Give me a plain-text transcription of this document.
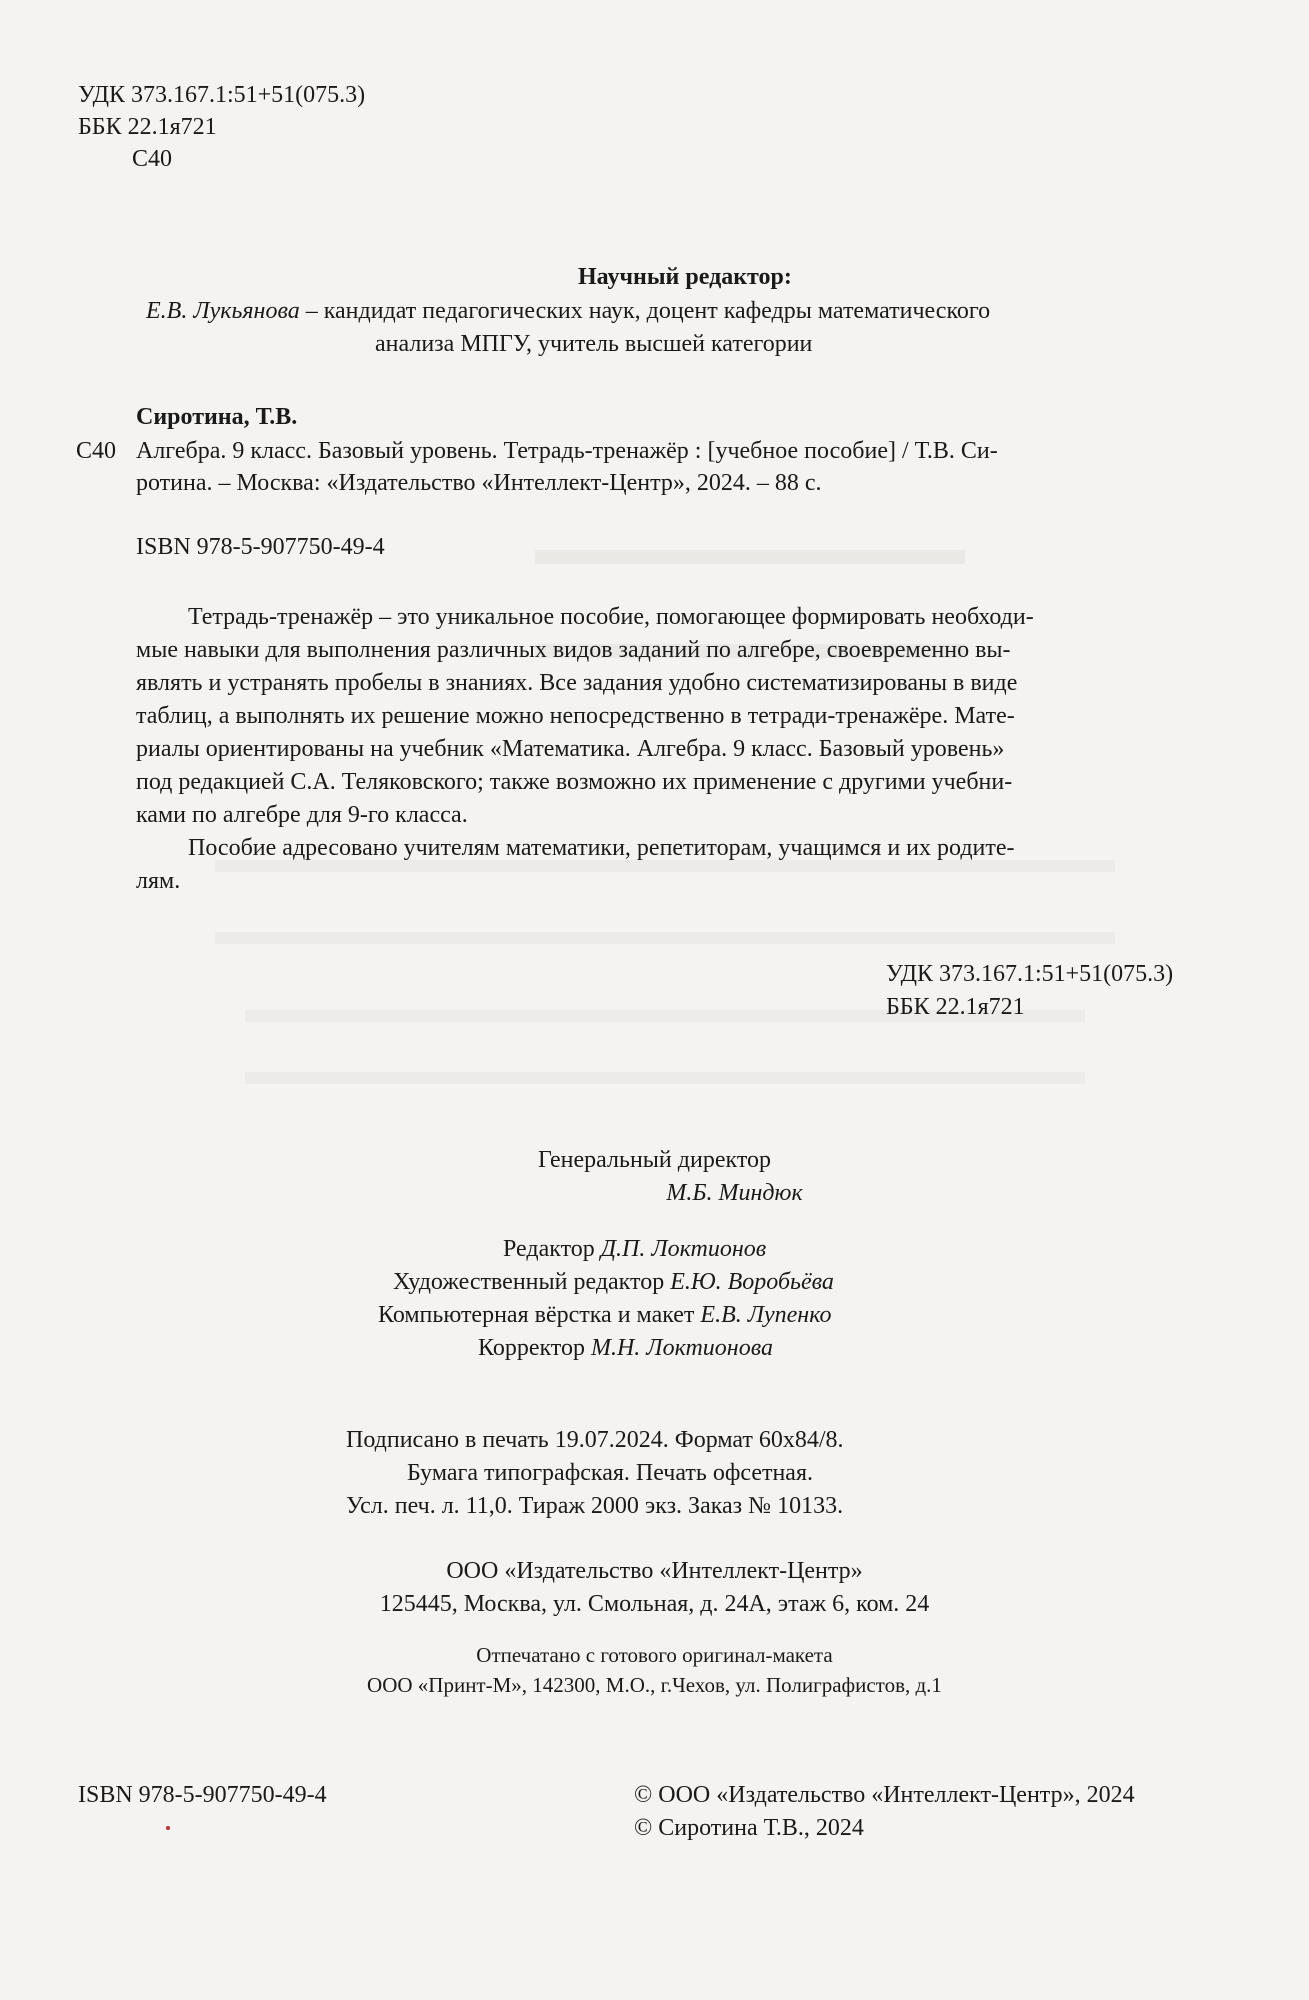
УДК 373.167.1:51+51(075.3)
ББК 22.1я721
С40
Научный редактор:
Е.В. Лукьянова – кандидат педагогических наук, доцент кафедры математического
анализа МПГУ, учитель высшей категории
Сиротина, Т.В.
С40 Алгебра. 9 класс. Базовый уровень. Тетрадь-тренажёр : [учебное пособие] / Т.В. Си-
ротина. – Москва: «Издательство «Интеллект-Центр», 2024. – 88 с.
ISBN 978-5-907750-49-4
Тетрадь-тренажёр – это уникальное пособие, помогающее формировать необходи-
мые навыки для выполнения различных видов заданий по алгебре, своевременно вы-
являть и устранять пробелы в знаниях. Все задания удобно систематизированы в виде
таблиц, а выполнять их решение можно непосредственно в тетради-тренажёре. Мате-
риалы ориентированы на учебник «Математика. Алгебра. 9 класс. Базовый уровень»
под редакцией С.А. Теляковского; также возможно их применение с другими учебни-
ками по алгебре для 9-го класса.
Пособие адресовано учителям математики, репетиторам, учащимся и их родите-
лям.
УДК 373.167.1:51+51(075.3)
ББК 22.1я721
Генеральный директор
М.Б. Миндюк
Редактор Д.П. Локтионов
Художественный редактор Е.Ю. Воробьёва
Компьютерная вёрстка и макет Е.В. Лупенко
Корректор М.Н. Локтионова
Подписано в печать 19.07.2024. Формат 60х84/8.
Бумага типографская. Печать офсетная.
Усл. печ. л. 11,0. Тираж 2000 экз. Заказ № 10133.
ООО «Издательство «Интеллект-Центр»
125445, Москва, ул. Смольная, д. 24А, этаж 6, ком. 24
Отпечатано с готового оригинал-макета
ООО «Принт-М», 142300, М.О., г.Чехов, ул. Полиграфистов, д.1
ISBN 978-5-907750-49-4	© ООО «Издательство «Интеллект-Центр», 2024
© Сиротина Т.В., 2024
